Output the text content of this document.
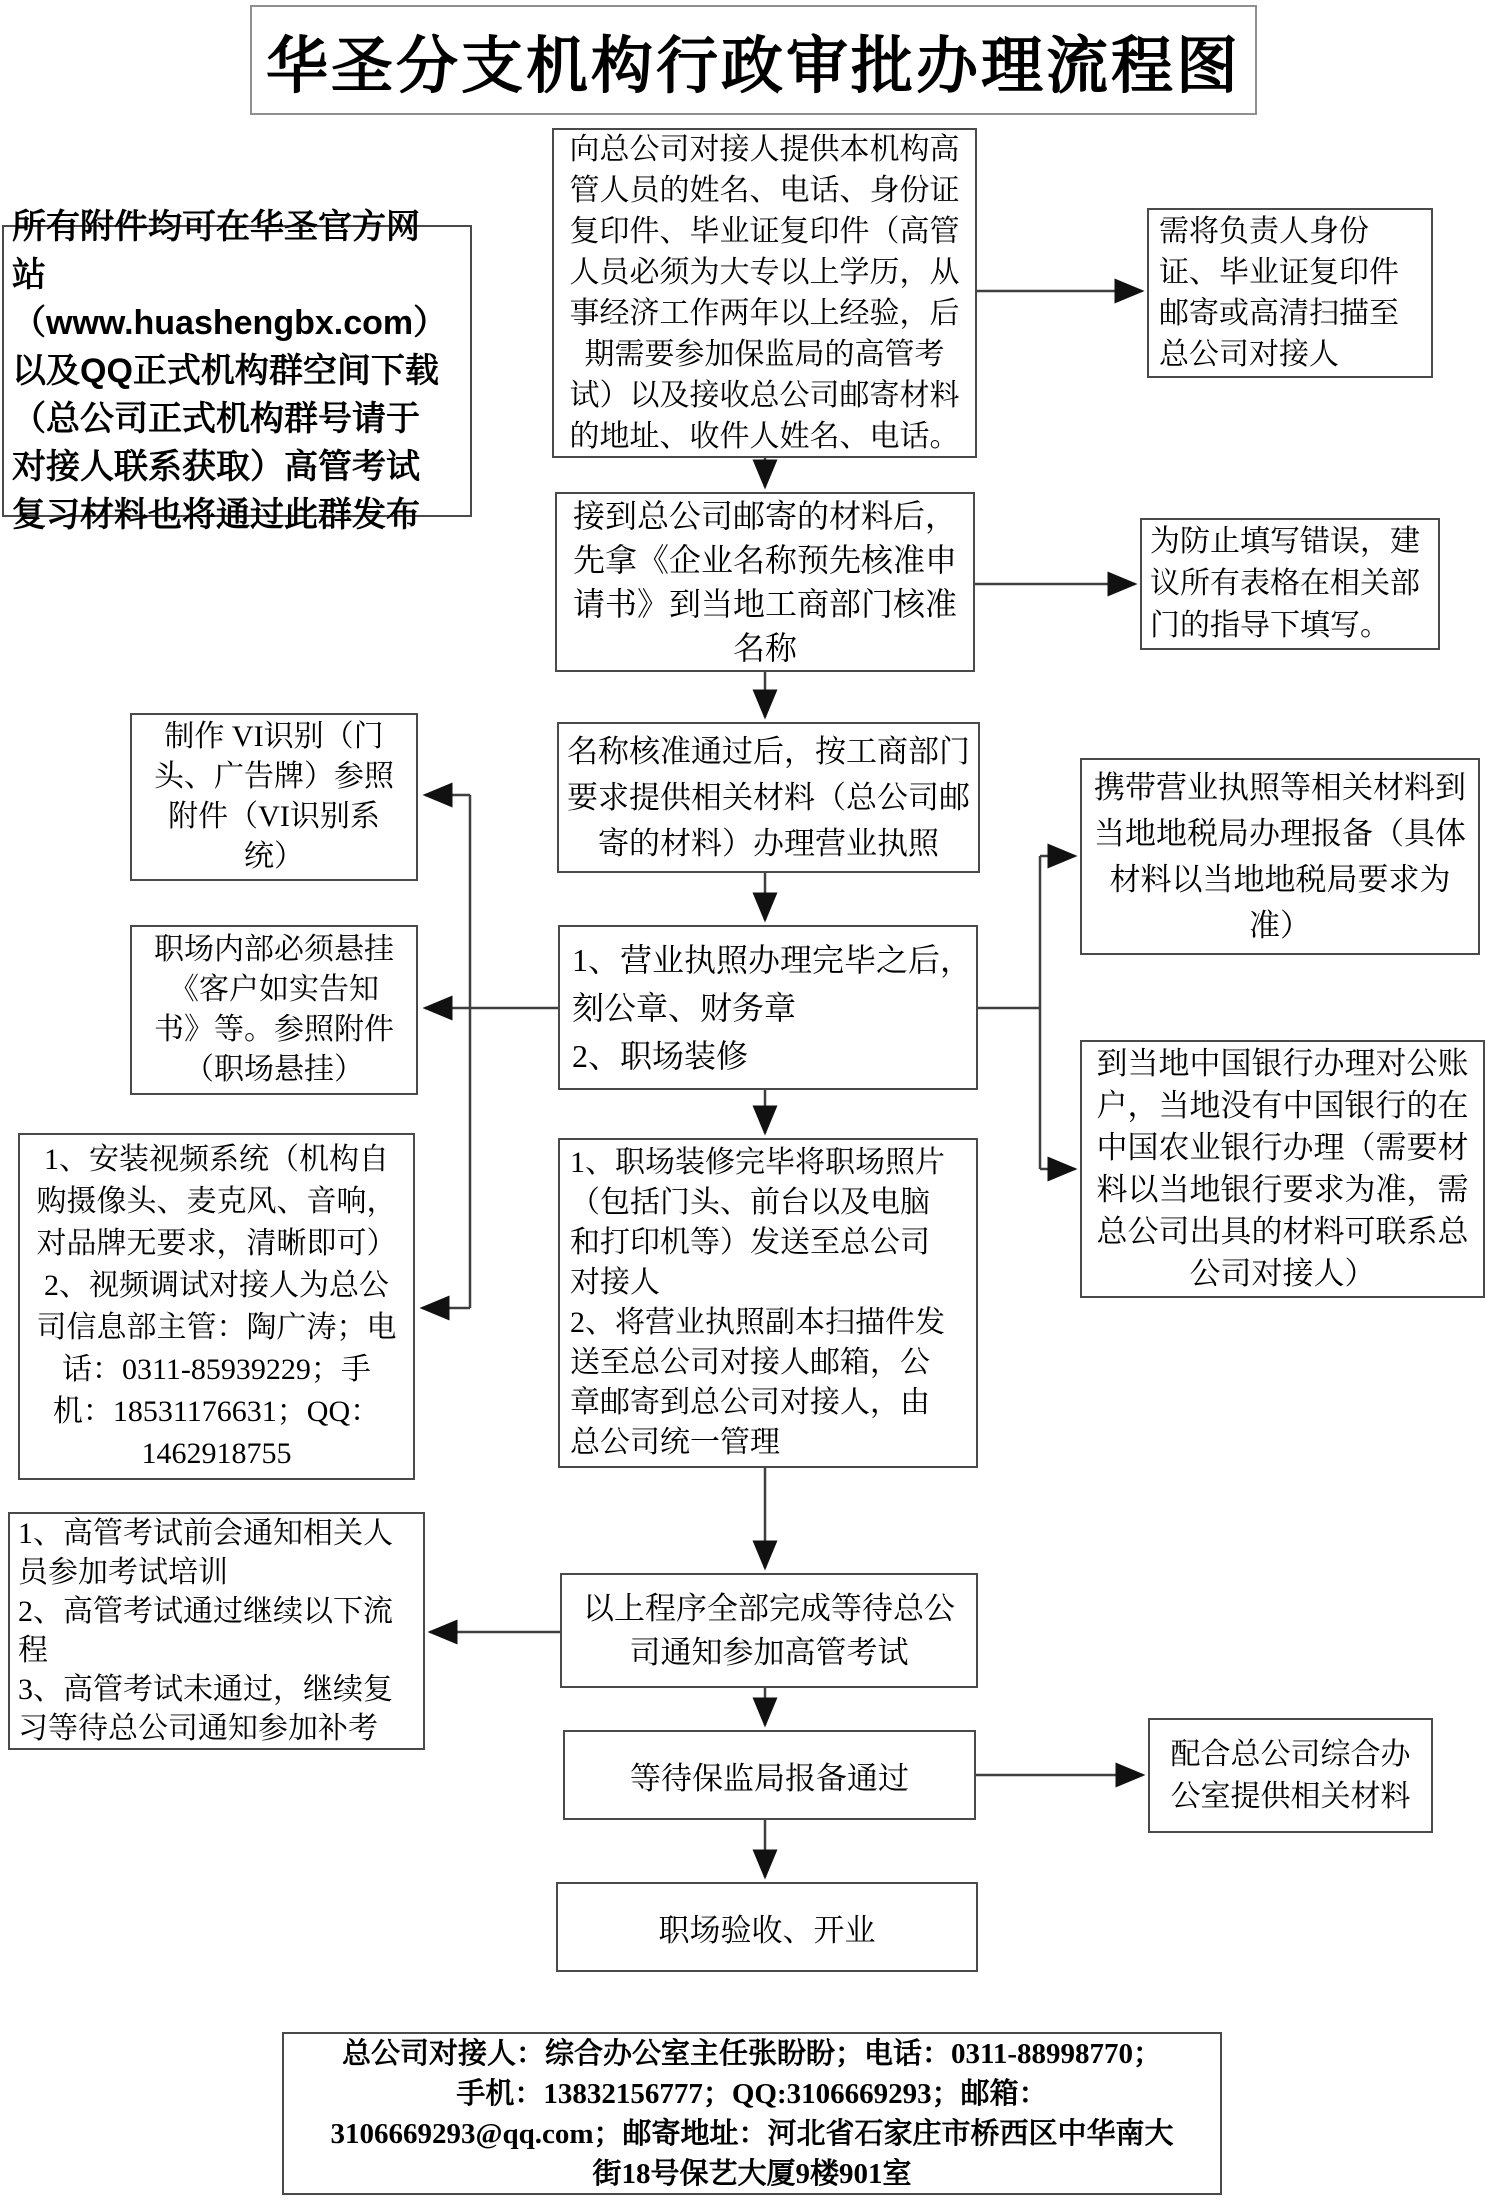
华圣分支机构行政审批办理流程图
所有附件均可在华圣官方网
站（www.huashengbx.com）
以及QQ正式机构群空间下载
（总公司正式机构群号请于
对接人联系获取）高管考试
复习材料也将通过此群发布
向总公司对接人提供本机构高
管人员的姓名、电话、身份证
复印件、毕业证复印件（高管
人员必须为大专以上学历，从
事经济工作两年以上经验，后
期需要参加保监局的高管考
试）以及接收总公司邮寄材料
的地址、收件人姓名、电话。
需将负责人身份
证、毕业证复印件
邮寄或高清扫描至
总公司对接人
接到总公司邮寄的材料后，
先拿《企业名称预先核准申
请书》到当地工商部门核准
名称
为防止填写错误，建
议所有表格在相关部
门的指导下填写。
名称核准通过后，按工商部门
要求提供相关材料（总公司邮
寄的材料）办理营业执照
制作 VI识别（门
头、广告牌）参照
附件（VI识别系
统）
职场内部必须悬挂
《客户如实告知
书》等。参照附件
（职场悬挂）
1、营业执照办理完毕之后，
刻公章、财务章
2、职场装修
携带营业执照等相关材料到
当地地税局办理报备（具体
材料以当地地税局要求为
准）
到当地中国银行办理对公账
户，当地没有中国银行的在
中国农业银行办理（需要材
料以当地银行要求为准，需
总公司出具的材料可联系总
公司对接人）
1、安装视频系统（机构自
购摄像头、麦克风、音响，
对品牌无要求，清晰即可）
2、视频调试对接人为总公
司信息部主管：陶广涛；电
话：0311-85939229；手
机：18531176631；QQ：
1462918755
1、职场装修完毕将职场照片
（包括门头、前台以及电脑
和打印机等）发送至总公司
对接人
2、将营业执照副本扫描件发
送至总公司对接人邮箱，公
章邮寄到总公司对接人，由
总公司统一管理
1、高管考试前会通知相关人
员参加考试培训
2、高管考试通过继续以下流
程
3、高管考试未通过，继续复
习等待总公司通知参加补考
以上程序全部完成等待总公
司通知参加高管考试
等待保监局报备通过
配合总公司综合办
公室提供相关材料
职场验收、开业
总公司对接人：综合办公室主任张盼盼；电话：0311-88998770；
手机：13832156777；QQ:3106669293；邮箱：
3106669293@qq.com；邮寄地址：河北省石家庄市桥西区中华南大
街18号保艺大厦9楼901室
